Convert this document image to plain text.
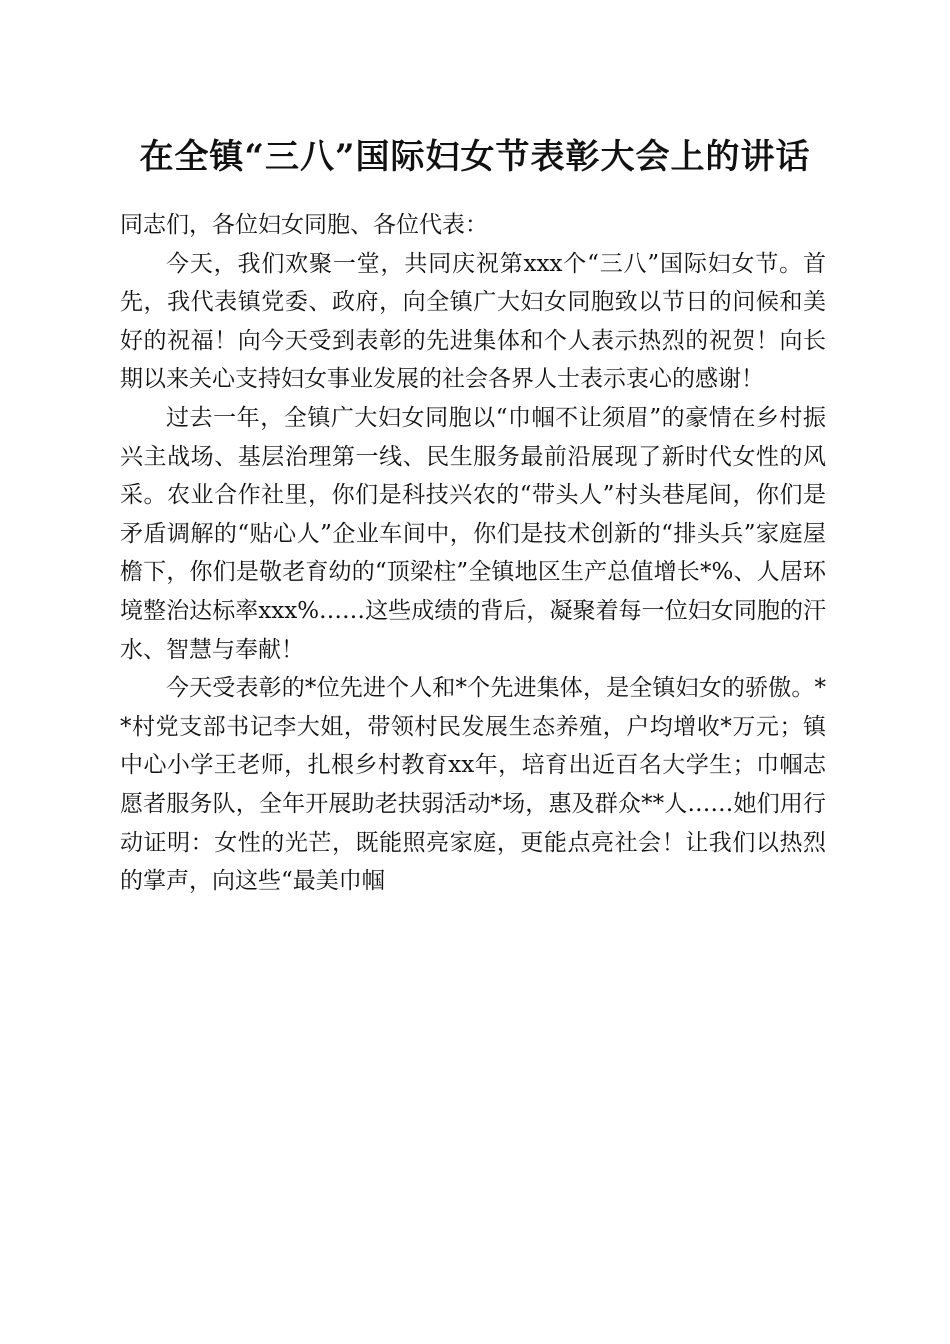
在全镇“三八”国际妇女节表彰大会上的讲话

同志们，各位妇女同胞、各位代表：

今天，我们欢聚一堂，共同庆祝第xxx个“三八”国际妇女节。首先，我代表镇党委、政府，向全镇广大妇女同胞致以节日的问候和美好的祝福！向今天受到表彰的先进集体和个人表示热烈的祝贺！向长期以来关心支持妇女事业发展的社会各界人士表示衷心的感谢！

过去一年，全镇广大妇女同胞以“巾帼不让须眉”的豪情在乡村振兴主战场、基层治理第一线、民生服务最前沿展现了新时代女性的风采。农业合作社里，你们是科技兴农的“带头人”村头巷尾间，你们是矛盾调解的“贴心人”企业车间中，你们是技术创新的“排头兵”家庭屋檐下，你们是敬老育幼的“顶梁柱”全镇地区生产总值增长*%、人居环境整治达标率xxx%……这些成绩的背后，凝聚着每一位妇女同胞的汗水、智慧与奉献！

今天受表彰的*位先进个人和*个先进集体，是全镇妇女的骄傲。**村党支部书记李大姐，带领村民发展生态养殖，户均增收*万元；镇中心小学王老师，扎根乡村教育xx年，培育出近百名大学生；巾帼志愿者服务队，全年开展助老扶弱活动*场，惠及群众**人……她们用行动证明：女性的光芒，既能照亮家庭，更能点亮社会！让我们以热烈的掌声，向这些“最美巾帼
